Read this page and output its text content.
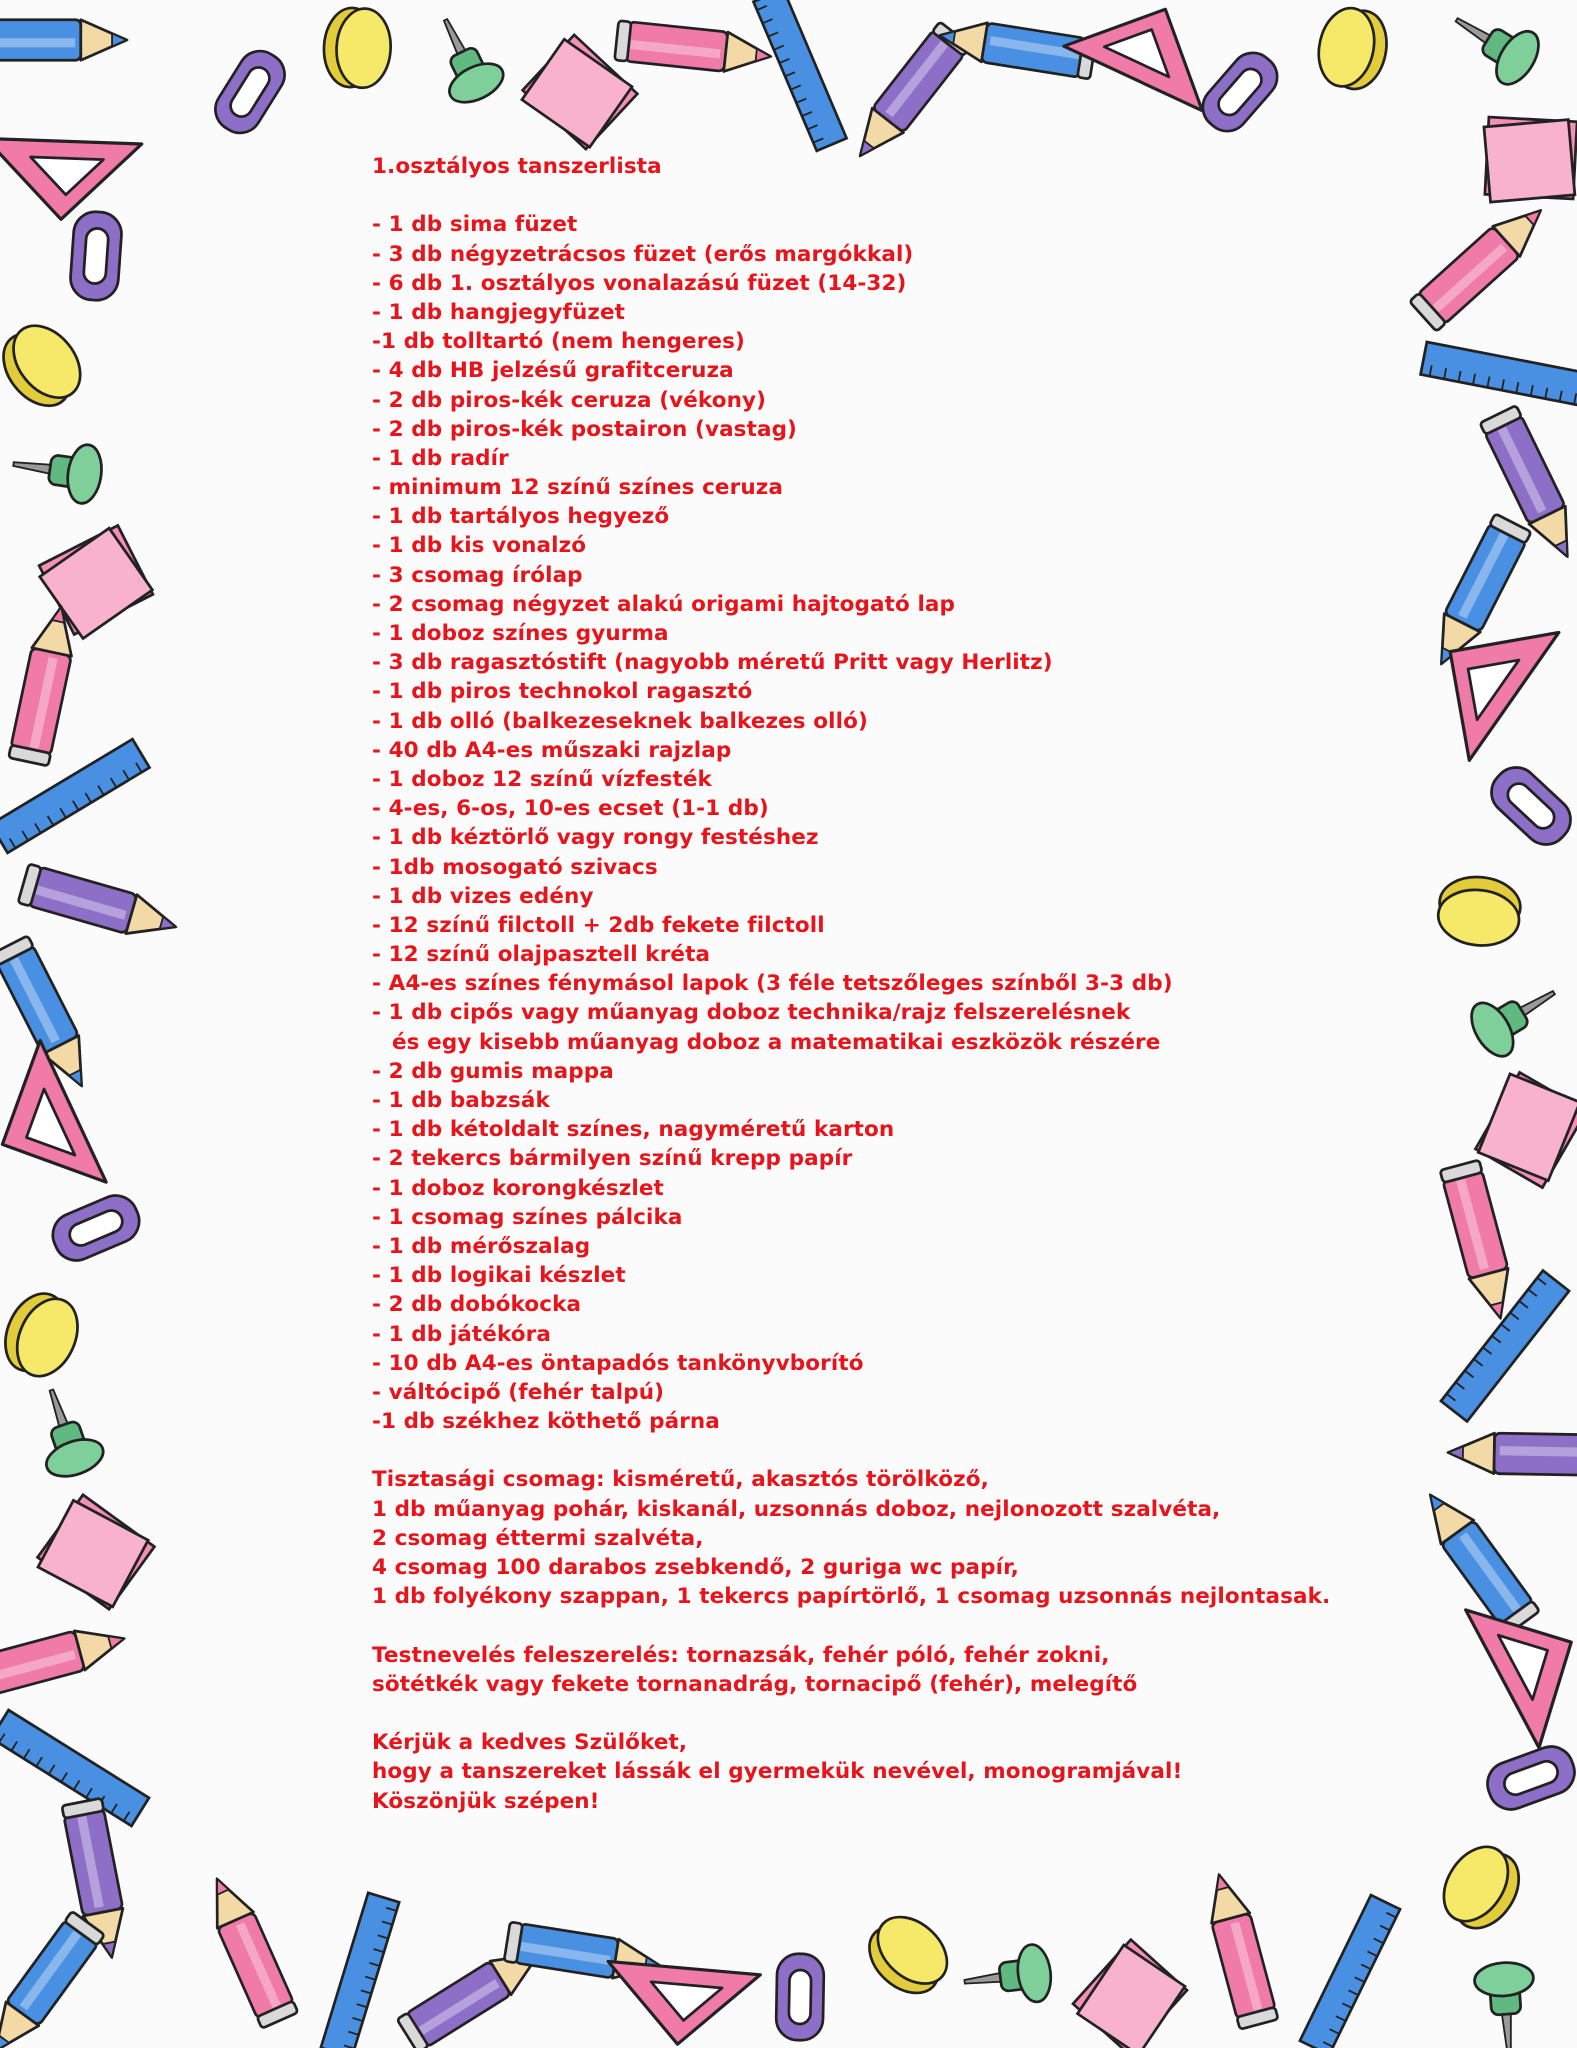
1.osztályos tanszerlista
- 1 db sima füzet
- 3 db négyzetrácsos füzet (erős margókkal)
- 6 db 1. osztályos vonalazású füzet (14-32)
- 1 db hangjegyfüzet
-1 db tolltartó (nem hengeres)
- 4 db HB jelzésű grafitceruza
- 2 db piros-kék ceruza (vékony)
- 2 db piros-kék postairon (vastag)
- 1 db radír
- minimum 12 színű színes ceruza
- 1 db tartályos hegyező
- 1 db kis vonalzó
- 3 csomag írólap
- 2 csomag négyzet alakú origami hajtogató lap
- 1 doboz színes gyurma
- 3 db ragasztóstift (nagyobb méretű Pritt vagy Herlitz)
- 1 db piros technokol ragasztó
- 1 db olló (balkezeseknek balkezes olló)
- 40 db A4-es műszaki rajzlap
- 1 doboz 12 színű vízfesték
- 4-es, 6-os, 10-es ecset (1-1 db)
- 1 db kéztörlő vagy rongy festéshez
- 1db mosogató szivacs
- 1 db vizes edény
- 12 színű filctoll + 2db fekete filctoll
- 12 színű olajpasztell kréta
- A4-es színes fénymásol lapok (3 féle tetszőleges színből 3-3 db)
- 1 db cipős vagy műanyag doboz technika/rajz felszerelésnek
és egy kisebb műanyag doboz a matematikai eszközök részére
- 2 db gumis mappa
- 1 db babzsák
- 1 db kétoldalt színes, nagyméretű karton
- 2 tekercs bármilyen színű krepp papír
- 1 doboz korongkészlet
- 1 csomag színes pálcika
- 1 db mérőszalag
- 1 db logikai készlet
- 2 db dobókocka
- 1 db játékóra
- 10 db A4-es öntapadós tankönyvborító
- váltócipő (fehér talpú)
-1 db székhez köthető párna
Tisztasági csomag: kisméretű, akasztós törölköző,
1 db műanyag pohár, kiskanál, uzsonnás doboz, nejlonozott szalvéta,
2 csomag éttermi szalvéta,
4 csomag 100 darabos zsebkendő, 2 guriga wc papír,
1 db folyékony szappan, 1 tekercs papírtörlő, 1 csomag uzsonnás nejlontasak.
Testnevelés feleszerelés: tornazsák, fehér póló, fehér zokni,
sötétkék vagy fekete tornanadrág, tornacipő (fehér), melegítő
Kérjük a kedves Szülőket,
hogy a tanszereket lássák el gyermekük nevével, monogramjával!
Köszönjük szépen!
